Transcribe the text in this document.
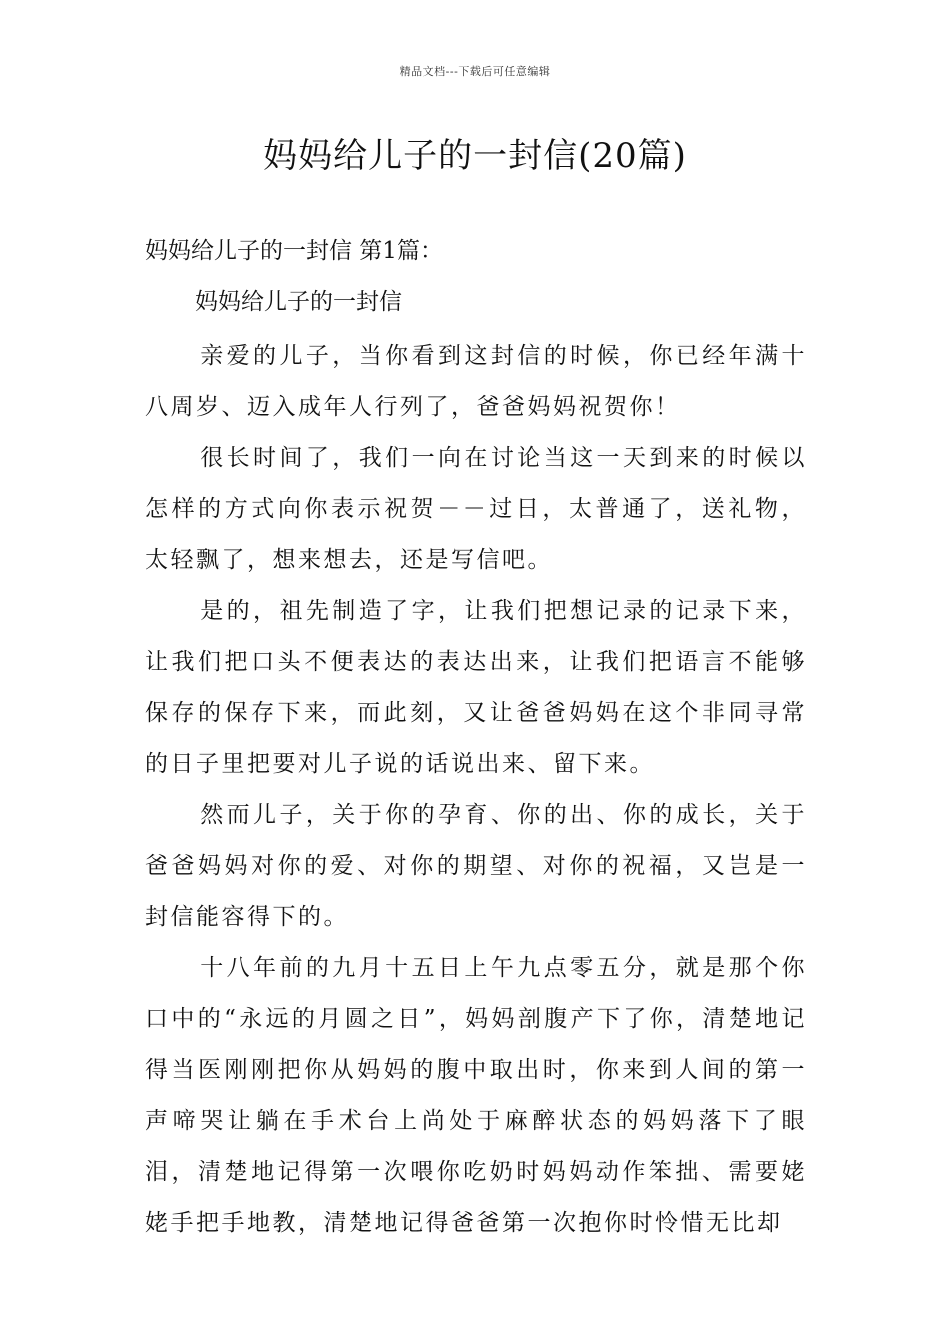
精品文档---下载后可任意编辑
妈妈给儿子的一封信(20篇)
妈妈给儿子的一封信 第1篇：
妈妈给儿子的一封信

亲爱的儿子，当你看到这封信的时候，你已经年满十八周岁、迈入成年人行列了，爸爸妈妈祝贺你！

很长时间了，我们一向在讨论当这一天到来的时候以怎样的方式向你表示祝贺－－过日，太普通了，送礼物，太轻飘了，想来想去，还是写信吧。

是的，祖先制造了字，让我们把想记录的记录下来，让我们把口头不便表达的表达出来，让我们把语言不能够保存的保存下来，而此刻，又让爸爸妈妈在这个非同寻常的日子里把要对儿子说的话说出来、留下来。

然而儿子，关于你的孕育、你的出、你的成长，关于爸爸妈妈对你的爱、对你的期望、对你的祝福，又岂是一封信能容得下的。

十八年前的九月十五日上午九点零五分，就是那个你口中的“永远的月圆之日”，妈妈剖腹产下了你，清楚地记得当医刚刚把你从妈妈的腹中取出时，你来到人间的第一声啼哭让躺在手术台上尚处于麻醉状态的妈妈落下了眼泪，清楚地记得第一次喂你吃奶时妈妈动作笨拙、需要姥姥手把手地教，清楚地记得爸爸第一次抱你时怜惜无比却
